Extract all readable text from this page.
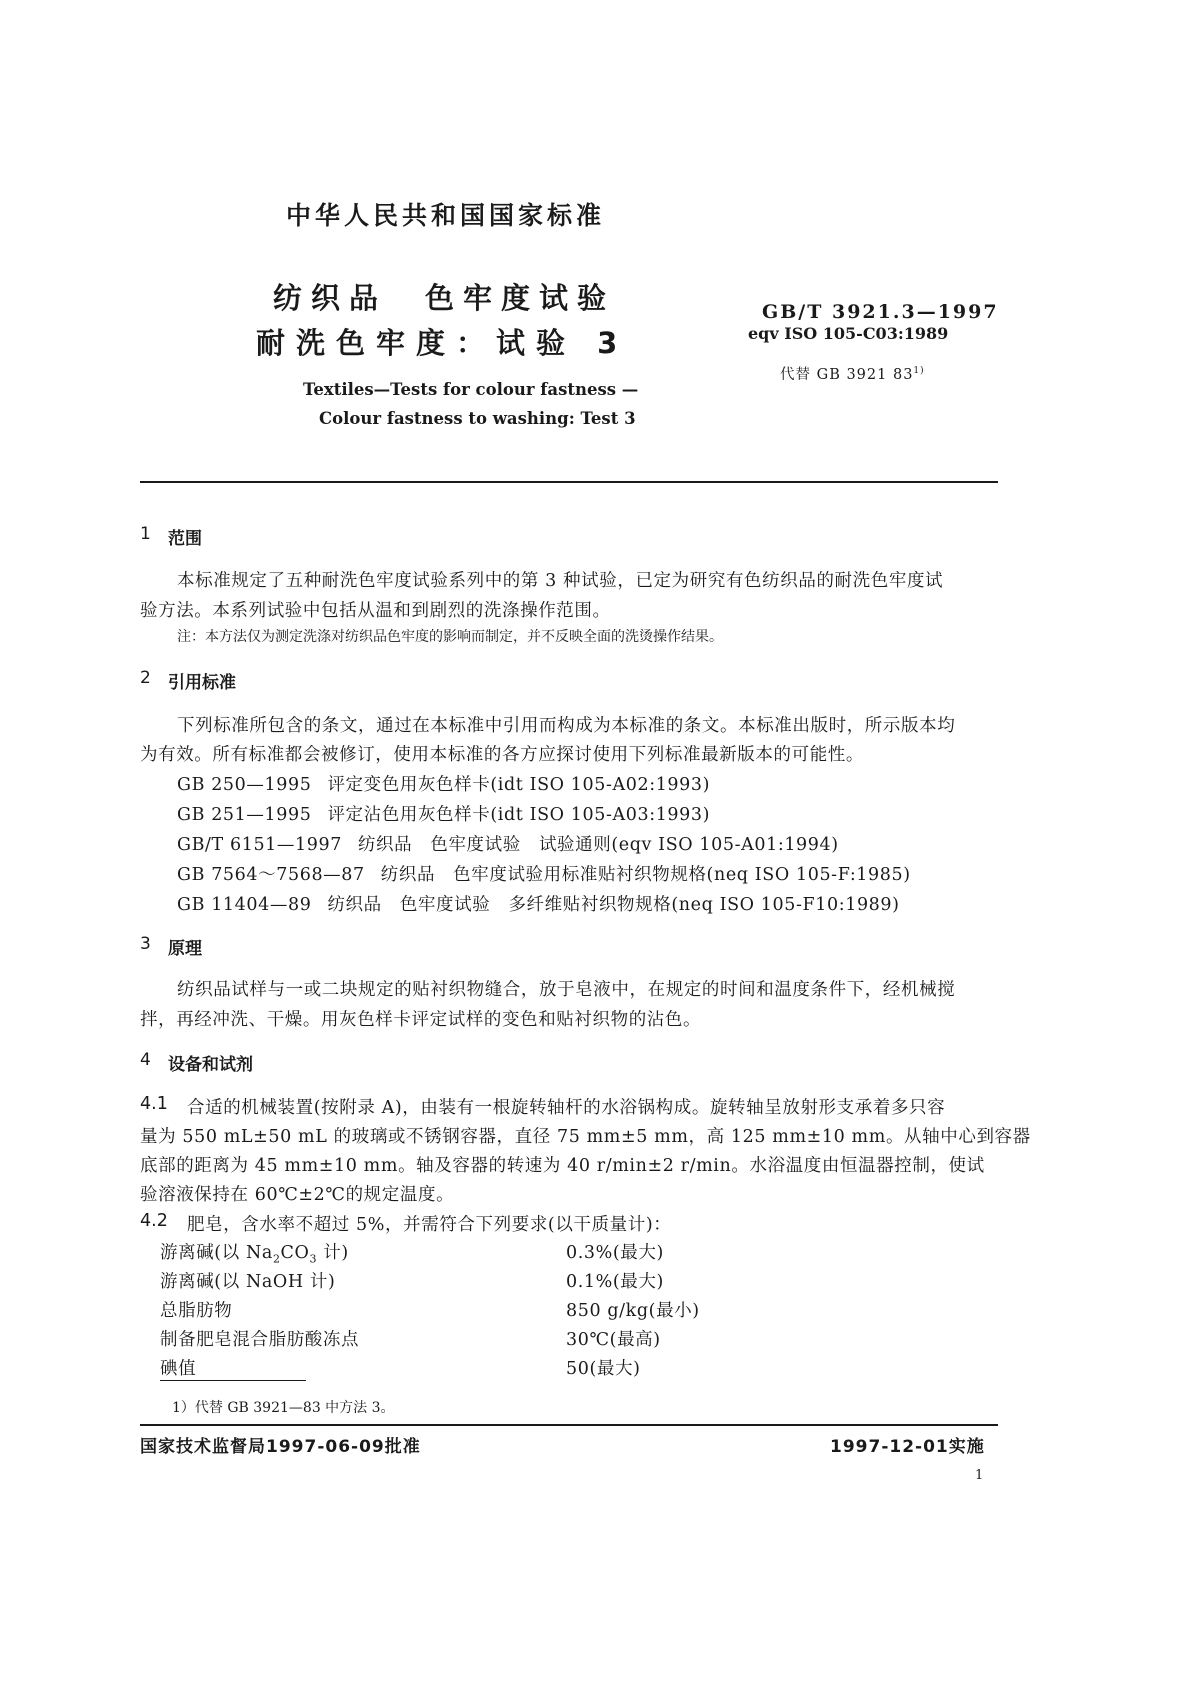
中华人民共和国国家标准
纺织品　色牢度试验
耐洗色牢度：试验 3
GB/T 3921.3—1997
eqv ISO 105-C03:1989
代替 GB 3921 83$^{1)}$
Textiles—Tests for colour fastness —
Colour fastness to washing: Test 3
1 范围
本标准规定了五种耐洗色牢度试验系列中的第 3 种试验，已定为研究有色纺织品的耐洗色牢度试
验方法。本系列试验中包括从温和到剧烈的洗涤操作范围。
注：本方法仅为测定洗涤对纺织品色牢度的影响而制定，并不反映全面的洗烫操作结果。
2 引用标准
下列标准所包含的条文，通过在本标准中引用而构成为本标准的条文。本标准出版时，所示版本均
为有效。所有标准都会被修订，使用本标准的各方应探讨使用下列标准最新版本的可能性。
GB 250—1995 评定变色用灰色样卡(idt ISO 105-A02:1993)
GB 251—1995 评定沾色用灰色样卡(idt ISO 105-A03:1993)
GB/T 6151—1997 纺织品　色牢度试验　试验通则(eqv ISO 105-A01:1994)
GB 7564～7568—87 纺织品　色牢度试验用标准贴衬织物规格(neq ISO 105-F:1985)
GB 11404—89 纺织品　色牢度试验　多纤维贴衬织物规格(neq ISO 105-F10:1989)
3 原理
纺织品试样与一或二块规定的贴衬织物缝合，放于皂液中，在规定的时间和温度条件下，经机械搅
拌，再经冲洗、干燥。用灰色样卡评定试样的变色和贴衬织物的沾色。
4 设备和试剂
4.1 合适的机械装置(按附录 A)，由装有一根旋转轴杆的水浴锅构成。旋转轴呈放射形支承着多只容
量为 550 mL±50 mL 的玻璃或不锈钢容器，直径 75 mm±5 mm，高 125 mm±10 mm。从轴中心到容器
底部的距离为 45 mm±10 mm。轴及容器的转速为 40 r/min±2 r/min。水浴温度由恒温器控制，使试
验溶液保持在 60℃±2℃的规定温度。
4.2 肥皂，含水率不超过 5%，并需符合下列要求(以干质量计)：
游离碱(以 $Na_2CO_3$ 计)	0.3%(最大)
游离碱(以 NaOH 计)	0.1%(最大)
总脂肪物	850 g/kg(最小)
制备肥皂混合脂肪酸冻点	30℃(最高)
碘值	50(最大)
1）代替 GB 3921—83 中方法 3。
国家技术监督局1997-06-09批准	1997-12-01实施
1
